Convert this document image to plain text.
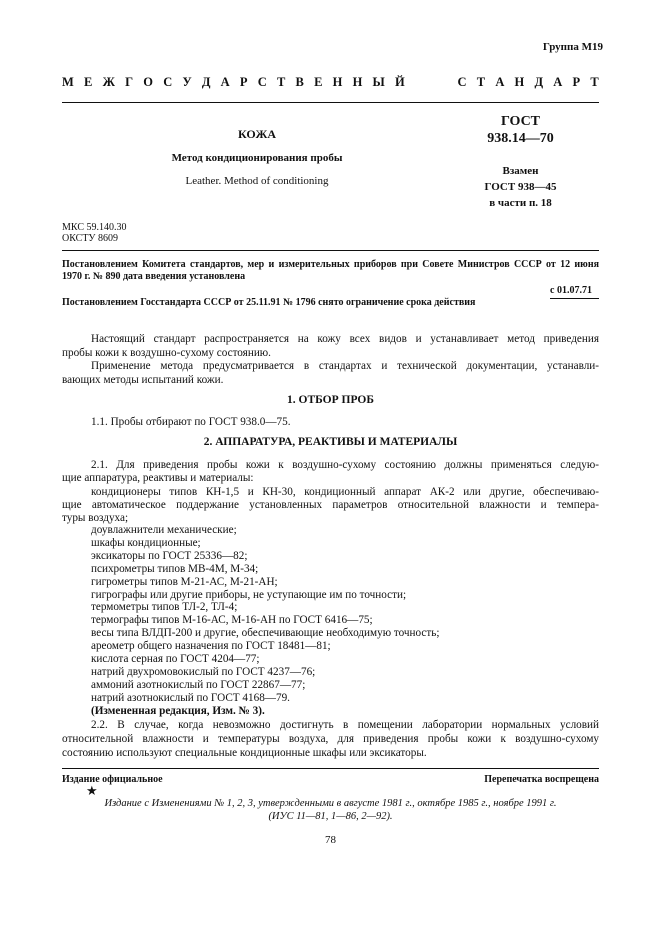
Группа М19
М Е Ж Г О С У Д А Р С Т В Е Н Н Ы Й	С Т А Н Д А Р Т
КОЖА
Метод кондиционирования пробы
Leather. Method of conditioning
ГОСТ
938.14—70
Взамен
ГОСТ 938—45
в части п. 18
МКС 59.140.30
ОКСТУ 8609
Постановлением Комитета стандартов, мер и измерительных приборов при Совете Министров СССР от 12 июня
1970 г. № 890 дата введения установлена
с 01.07.71
Постановлением Госстандарта СССР от 25.11.91 № 1796 снято ограничение срока действия
Настоящий стандарт распространяется на кожу всех видов и устанавливает метод приведения
пробы кожи к воздушно-сухому состоянию.
Применение метода предусматривается в стандартах и технической документации, устанавли-
вающих методы испытаний кожи.
1. ОТБОР ПРОБ
1.1. Пробы отбирают по ГОСТ 938.0—75.
2. АППАРАТУРА, РЕАКТИВЫ И МАТЕРИАЛЫ
2.1. Для приведения пробы кожи к воздушно-сухому состоянию должны применяться следую-
щие аппаратура, реактивы и материалы:
кондиционеры типов КН-1,5 и КН-30, кондиционный аппарат АК-2 или другие, обеспечиваю-
щие автоматическое поддержание установленных параметров относительной влажности и темпера-
туры воздуха;
доувлажнители механические;
шкафы кондиционные;
эксикаторы по ГОСТ 25336—82;
психрометры типов МВ-4М, М-34;
гигрометры типов М-21-АС, М-21-АН;
гигрографы или другие приборы, не уступающие им по точности;
термометры типов ТЛ-2, ТЛ-4;
термографы типов М-16-АС, М-16-АН по ГОСТ 6416—75;
весы типа ВЛДП-200 и другие, обеспечивающие необходимую точность;
ареометр общего назначения по ГОСТ 18481—81;
кислота серная по ГОСТ 4204—77;
натрий двухромовокислый по ГОСТ 4237—76;
аммоний азотнокислый по ГОСТ 22867—77;
натрий азотнокислый по ГОСТ 4168—79.
(Измененная редакция, Изм. № 3).
2.2. В случае, когда невозможно достигнуть в помещении лаборатории нормальных условий
относительной влажности и температуры воздуха, для приведения пробы кожи к воздушно-сухому
состоянию используют специальные кондиционные шкафы или эксикаторы.
Издание официальное	Перепечатка воспрещена
★
Издание с Изменениями № 1, 2, 3, утвержденными в августе 1981 г., октябре 1985 г., ноябре 1991 г.
(ИУС 11—81, 1—86, 2—92).
78
